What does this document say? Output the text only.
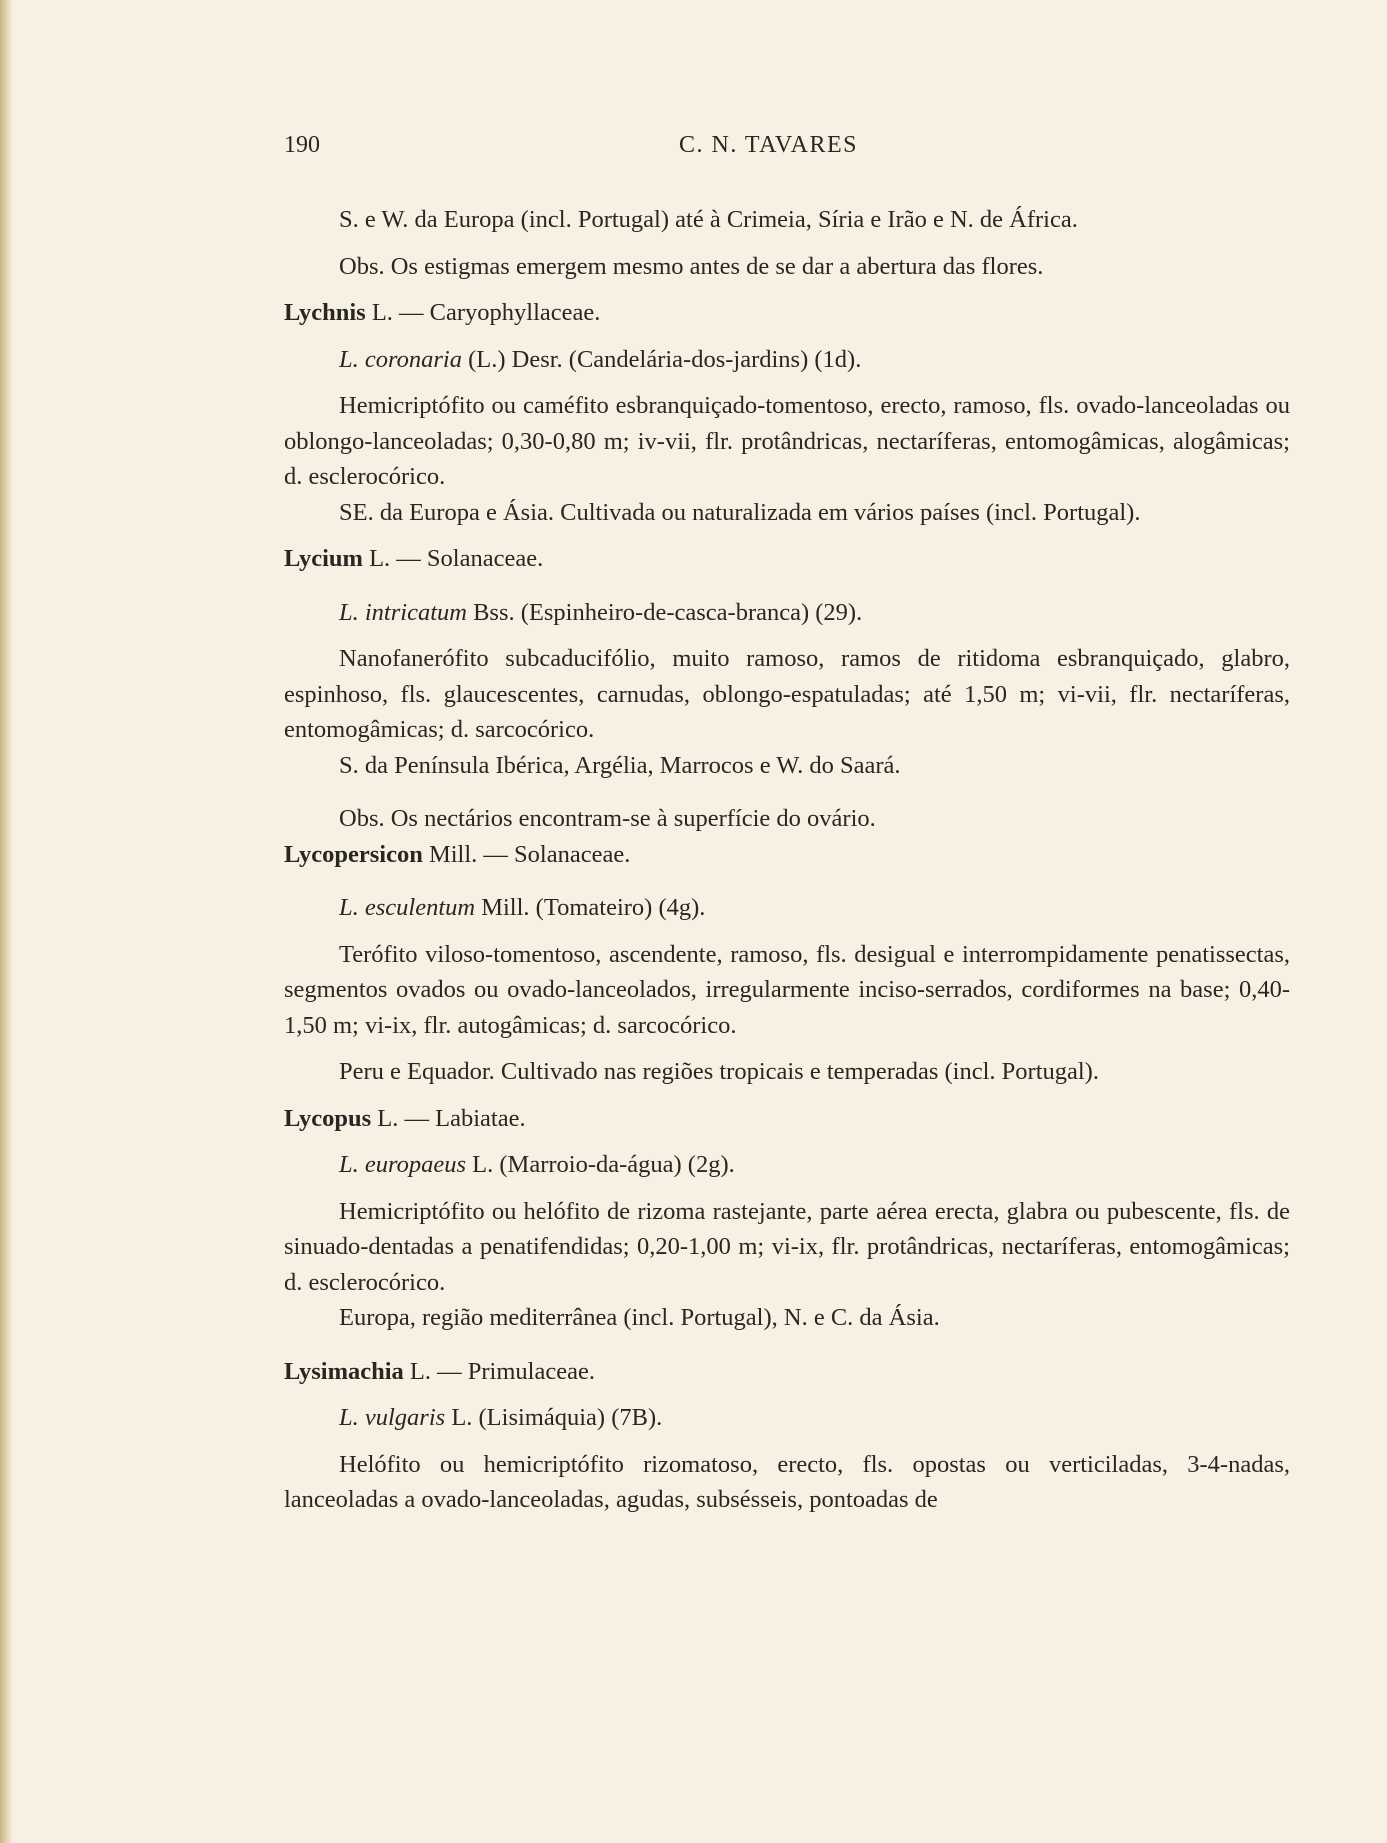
190	C. N. TAVARES

S. e W. da Europa (incl. Portugal) até à Crimeia, Síria e Irão e N. de África.

Obs. Os estigmas emergem mesmo antes de se dar a abertura das flores.

Lychnis L. — Caryophyllaceae.

L. coronaria (L.) Desr. (Candelária-dos-jardins) (1d).

Hemicriptófito ou caméfito esbranquiçado-tomentoso, erecto, ramoso, fls. ovado-lanceoladas ou oblongo-lanceoladas; 0,30-0,80 m; iv-vii, flr. protândricas, nectaríferas, entomogâmicas, alogâmicas; d. esclerocórico.

SE. da Europa e Ásia. Cultivada ou naturalizada em vários países (incl. Portugal).

Lycium L. — Solanaceae.

L. intricatum Bss. (Espinheiro-de-casca-branca) (29).

Nanofanerófito subcaducifólio, muito ramoso, ramos de ritidoma esbranquiçado, glabro, espinhoso, fls. glaucescentes, carnudas, oblongo-espatuladas; até 1,50 m; vi-vii, flr. nectaríferas, entomogâmicas; d. sarcocórico.

S. da Península Ibérica, Argélia, Marrocos e W. do Saará.

Obs. Os nectários encontram-se à superfície do ovário.

Lycopersicon Mill. — Solanaceae.

L. esculentum Mill. (Tomateiro) (4g).

Terófito viloso-tomentoso, ascendente, ramoso, fls. desigual e interrompidamente penatissectas, segmentos ovados ou ovado-lanceolados, irregularmente inciso-serrados, cordiformes na base; 0,40-1,50 m; vi-ix, flr. autogâmicas; d. sarcocórico.

Peru e Equador. Cultivado nas regiões tropicais e temperadas (incl. Portugal).

Lycopus L. — Labiatae.

L. europaeus L. (Marroio-da-água) (2g).

Hemicriptófito ou helófito de rizoma rastejante, parte aérea erecta, glabra ou pubescente, fls. de sinuado-dentadas a penatifendidas; 0,20-1,00 m; vi-ix, flr. protândricas, nectaríferas, entomogâmicas; d. esclerocórico.

Europa, região mediterrânea (incl. Portugal), N. e C. da Ásia.

Lysimachia L. — Primulaceae.

L. vulgaris L. (Lisimáquia) (7B).

Helófito ou hemicriptófito rizomatoso, erecto, fls. opostas ou verticiladas, 3-4-nadas, lanceoladas a ovado-lanceoladas, agudas, subsésseis, pontoadas de
